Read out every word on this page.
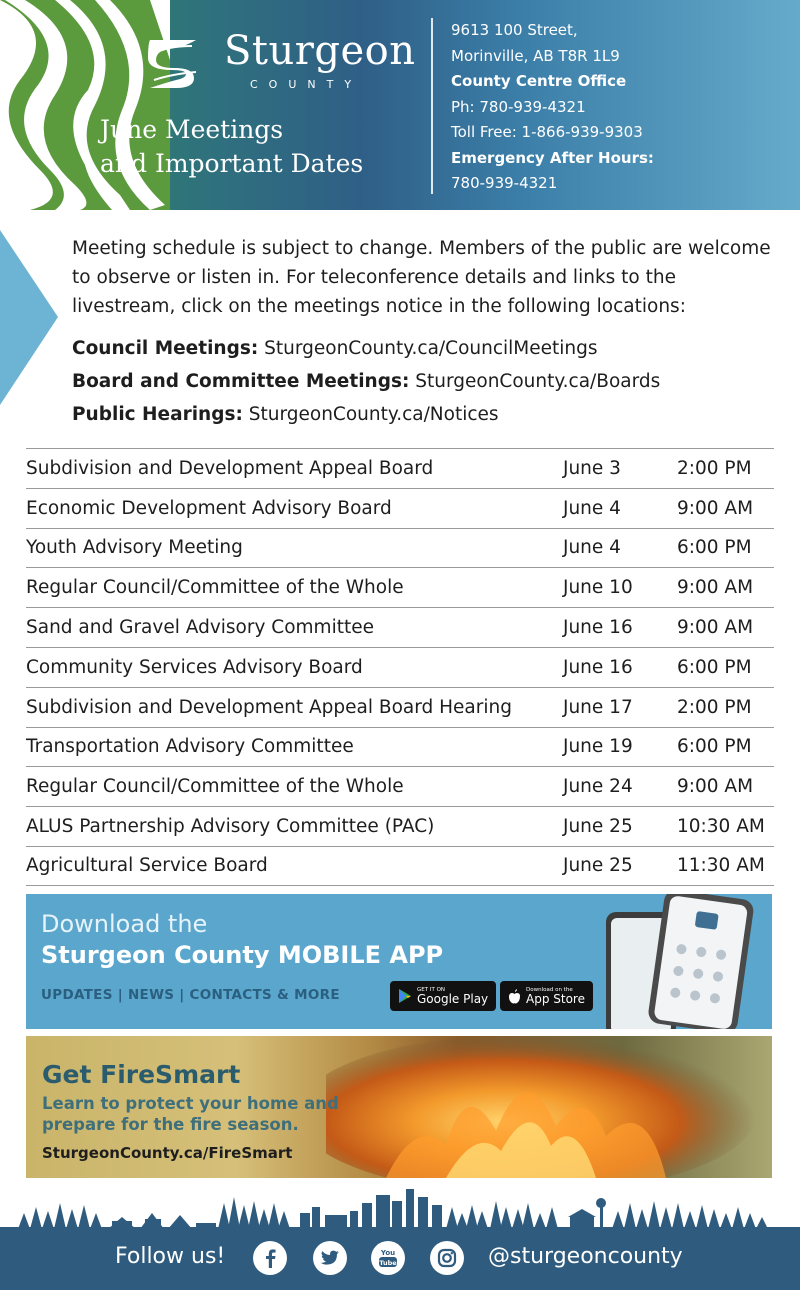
Sturgeon
COUNTY
June Meetings
and Important Dates
9613 100 Street,
Morinville, AB T8R 1L9
County Centre Office
Ph: 780-939-4321
Toll Free: 1-866-939-9303
Emergency After Hours:
780-939-4321
Meeting schedule is subject to change. Members of the public are welcome to observe or listen in. For teleconference details and links to the livestream, click on the meetings notice in the following locations:
Council Meetings: SturgeonCounty.ca/CouncilMeetings
Board and Committee Meetings: SturgeonCounty.ca/Boards
Public Hearings: SturgeonCounty.ca/Notices
Subdivision and Development Appeal Board	June 3	2:00 PM
Economic Development Advisory Board	June 4	9:00 AM
Youth Advisory Meeting	June 4	6:00 PM
Regular Council/Committee of the Whole	June 10	9:00 AM
Sand and Gravel Advisory Committee	June 16	9:00 AM
Community Services Advisory Board	June 16	6:00 PM
Subdivision and Development Appeal Board Hearing	June 17	2:00 PM
Transportation Advisory Committee	June 19	6:00 PM
Regular Council/Committee of the Whole	June 24	9:00 AM
ALUS Partnership Advisory Committee (PAC)	June 25	10:30 AM
Agricultural Service Board	June 25	11:30 AM
Download the
Sturgeon County MOBILE APP
UPDATES | NEWS | CONTACTS & MORE	GET IT ON
Google Play
Download on the
App Store
Get FireSmart
Learn to protect your home and prepare for the fire season.
SturgeonCounty.ca/FireSmart
Follow us!	You
Tube	@sturgeoncounty
